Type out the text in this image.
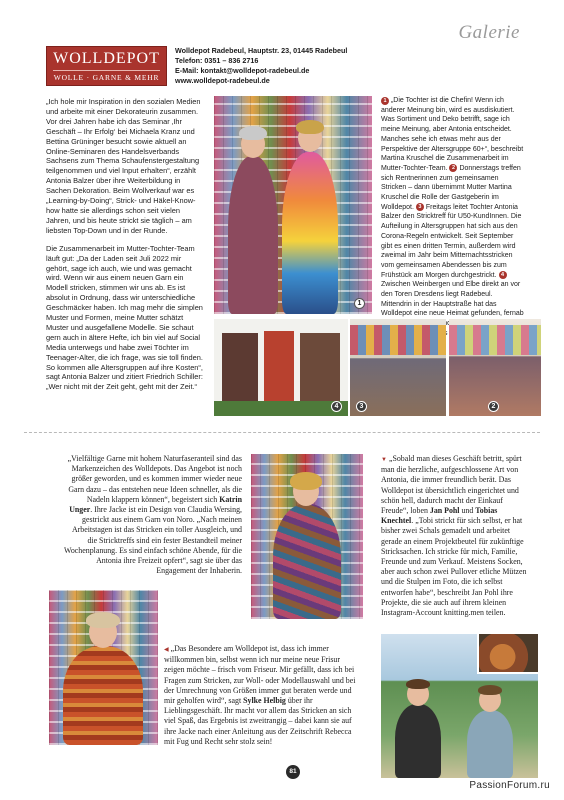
Galerie
WOLLDEPOT
WOLLE · GARNE & MEHR
Wolldepot Radebeul, Hauptstr. 23, 01445 Radebeul
Telefon: 0351 – 836 2716
E-Mail: kontakt@wolldepot-radebeul.de
www.wolldepot-radebeul.de

„Ich hole mir Inspiration in den sozialen Medien und arbeite mit einer Dekorateurin zusammen. Vor drei Jahren habe ich das Seminar ‚Ihr Geschäft – Ihr Erfolg‘ bei Michaela Kranz und Bettina Grüninger besucht sowie aktuell an Online-Seminaren des Handelsverbands Sachsens zum Thema Schaufenstergestaltung teilgenommen und viel Input erhalten“, erzählt Antonia Balzer über ihre Weiterbildung in Sachen Dekoration. Beim Wollverkauf war es „Learning-by-Doing“, Strick- und Häkel-Know-how hatte sie allerdings schon seit vielen Jahren, und bis heute strickt sie täglich – am liebsten Top-Down und in der Runde.

Die Zusammenarbeit im Mutter-Tochter-Team läuft gut: „Da der Laden seit Juli 2022 mir gehört, sage ich auch, wie und was gemacht wird. Wenn wir aus einem neuen Garn ein Modell stricken, stimmen wir uns ab. Es ist absolut in Ordnung, dass wir unterschiedliche Geschmäcker haben. Ich mag mehr die simplen Muster und Formen, meine Mutter schätzt Muster und ausgefallene Modelle. Sie schaut gern auch in ältere Hefte, ich bin viel auf Social Media unterwegs und habe zwei Töchter im Teenager-Alter, die ich frage, was sie toll finden. So kommen alle Altersgruppen auf ihre Kosten“, sagt Antonia Balzer und zitiert Friedrich Schiller: „Wer nicht mit der Zeit geht, geht mit der Zeit.“

1
1 „Die Tochter ist die Chefin! Wenn ich anderer Meinung bin, wird es ausdiskutiert. Was Sortiment und Deko betrifft, sage ich meine Meinung, aber Antonia entscheidet. Manches sehe ich etwas mehr aus der Perspektive der Altersgruppe 60+“, beschreibt Martina Kruschel die Zusammenarbeit im Mutter-Tochter-Team. 2 Donnerstags treffen sich Rentnerinnen zum gemeinsamen Stricken – dann übernimmt Mutter Martina Kruschel die Rolle der Gastgeberin im Wolldepot. 3 Freitags leitet Tochter Antonia Balzer den Stricktreff für U50-KundInnen. Die Aufteilung in Altersgruppen hat sich aus den Corona-Regeln entwickelt. Seit September gibt es einen dritten Termin, außerdem wird zweimal im Jahr beim Mitternachtsstricken vom gemeinsamen Abendessen bis zum Frühstück am Morgen durchgestrickt. 4 Zwischen Weinbergen und Elbe direkt an vor den Toren Dresdens liegt Radebeul. Mittendrin in der Hauptstraße hat das Wolldepot eine neue Heimat gefunden, fernab
4	3	2
„Vielfältige Garne mit hohem Naturfaseranteil sind das Markenzeichen des Wolldepots. Das Angebot ist noch größer geworden, und es kommen immer wieder neue Garn dazu – das entstehen neue Ideen schneller, als die Nadeln klappern können“, begeistert sich Katrin Unger. Ihre Jacke ist ein Design von Claudia Wersing, gestrickt aus einem Garn von Noro. „Nach meinen Arbeitstagen ist das Stricken ein toller Ausgleich, und die Stricktreffs sind ein fester Bestandteil meiner Wochenplanung. Es sind einfach schöne Abende, für die Antonia ihre Freizeit opfert“, sagt sie über das Engagement der Inhaberin.
▼ „Sobald man dieses Geschäft betritt, spürt man die herzliche, aufgeschlossene Art von Antonia, die immer freundlich berät. Das Wolldepot ist übersichtlich eingerichtet und schön hell, dadurch macht der Einkauf Freude“, loben Jan Pohl und Tobias Knechtel. „Tobi strickt für sich selbst, er hat bisher zwei Schals gemadelt und arbeitet gerade an einem Projektbeutel für zukünftige Stricksachen. Ich stricke für mich, Familie, Freunde und zum Verkauf. Meistens Socken, aber auch schon zwei Pullover etliche Mützen und die Stulpen im Foto, die ich selbst entworfen habe“, beschreibt Jan Pohl ihre Projekte, die sie auch auf ihrem kleinen Instagram-Account knitting.men teilen.
◀ „Das Besondere am Wolldepot ist, dass ich immer willkommen bin, selbst wenn ich nur meine neue Frisur zeigen möchte – frisch vom Friseur. Mir gefällt, dass ich bei Fragen zum Stricken, zur Woll- oder Modellauswahl und bei der Umrechnung von Größen immer gut beraten werde und mir geholfen wird“, sagt Sylke Helbig über ihr Lieblingsgeschäft. Ihr macht vor allem das Stricken an sich viel Spaß, das Ergebnis ist zweitrangig – dabei kann sie auf ihre Jacke nach einer Anleitung aus der Zeitschrift Rebecca mit Fug und Recht sehr stolz sein!
81
PassionForum.ru
